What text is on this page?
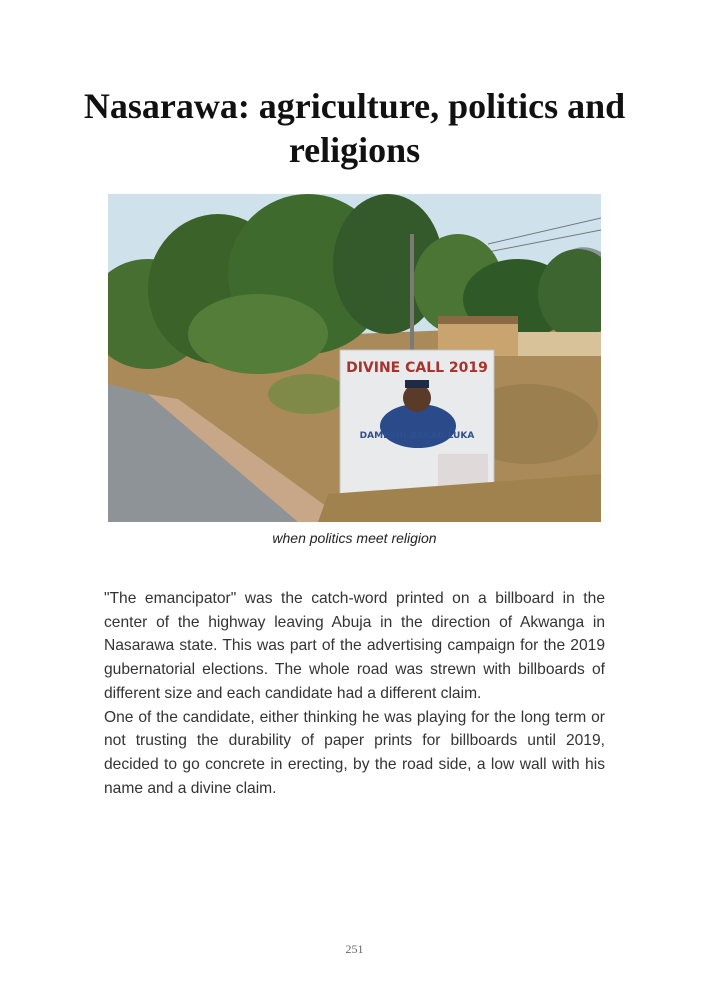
Nasarawa: agriculture, politics and religions
DIVINE CALL 2019
DAMESHI BAKAU LUKA
when politics meet religion

"The emancipator" was the catch-word printed on a billboard in the center of the highway leaving Abuja in the direction of Akwanga in Nasarawa state. This was part of the advertising campaign for the 2019 gubernatorial elections. The whole road was strewn with billboards of different size and each candidate had a different claim.
One of the candidate, either thinking he was playing for the long term or not trusting the durability of paper prints for billboards until 2019, decided to go concrete in erecting, by the road side, a low wall with his name and a divine claim.

251
